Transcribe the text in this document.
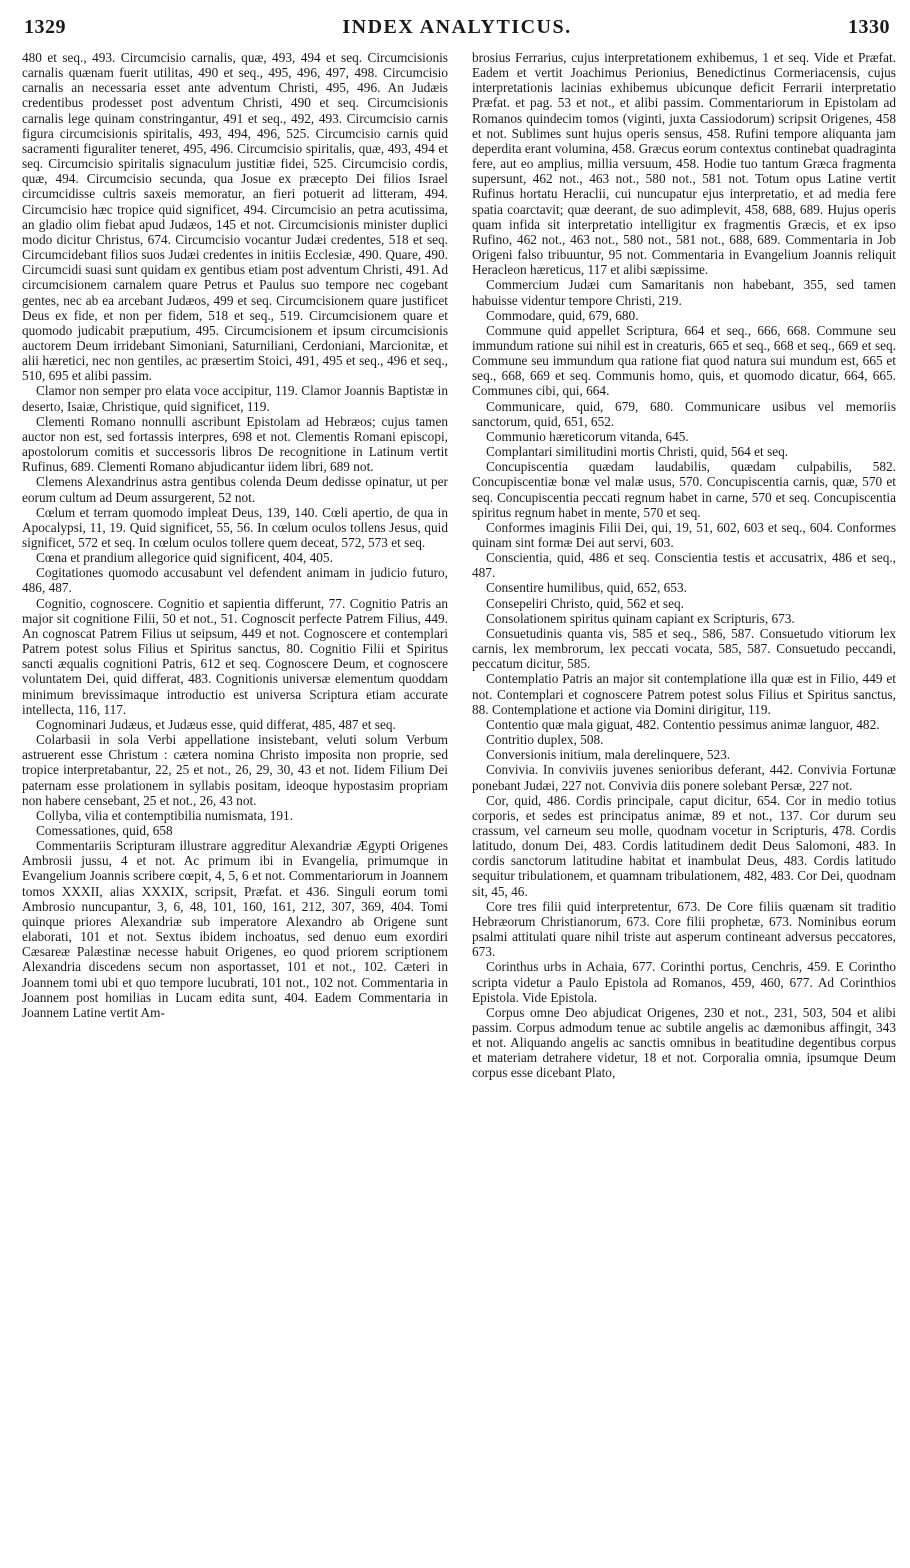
1329	INDEX ANALYTICUS.	1330

480 et seq., 493. Circumcisio carnalis, quæ, 493, 494 et seq. Circumcisionis carnalis quænam fuerit utilitas, 490 et seq., 495, 496, 497, 498. Circumcisio carnalis an necessaria esset ante adventum Christi, 495, 496. An Judæis credentibus prodesset post adventum Christi, 490 et seq. Circumcisionis carnalis lege quinam constringantur, 491 et seq., 492, 493. Circumcisio carnis figura circumcisionis spiritalis, 493, 494, 496, 525. Circumcisio carnis quid sacramenti figuraliter teneret, 495, 496. Circumcisio spiritalis, quæ, 493, 494 et seq. Circumcisio spiritalis signaculum justitiæ fidei, 525. Circumcisio cordis, quæ, 494. Circumcisio secunda, qua Josue ex præcepto Dei filios Israel circumcidisse cultris saxeis memoratur, an fieri potuerit ad litteram, 494. Circumcisio hæc tropice quid significet, 494. Circumcisio an petra acutissima, an gladio olim fiebat apud Judæos, 145 et not. Circumcisionis minister duplici modo dicitur Christus, 674. Circumcisio vocantur Judæi credentes, 518 et seq. Circumcidebant filios suos Judæi credentes in initiis Ecclesiæ, 490. Quare, 490. Circumcidi suasi sunt quidam ex gentibus etiam post adventum Christi, 491. Ad circumcisionem carnalem quare Petrus et Paulus suo tempore nec cogebant gentes, nec ab ea arcebant Judæos, 499 et seq. Circumcisionem quare justificet Deus ex fide, et non per fidem, 518 et seq., 519. Circumcisionem quare et quomodo judicabit præputium, 495. Circumcisionem et ipsum circumcisionis auctorem Deum irridebant Simoniani, Saturniliani, Cerdoniani, Marcionitæ, et alii hæretici, nec non gentiles, ac præsertim Stoici, 491, 495 et seq., 496 et seq., 510, 695 et alibi passim.

Clamor non semper pro elata voce accipitur, 119. Clamor Joannis Baptistæ in deserto, Isaiæ, Christique, quid significet, 119.

Clementi Romano nonnulli ascribunt Epistolam ad Hebræos; cujus tamen auctor non est, sed fortassis interpres, 698 et not. Clementis Romani episcopi, apostolorum comitis et successoris libros De recognitione in Latinum vertit Rufinus, 689. Clementi Romano abjudicantur iidem libri, 689 not.

Clemens Alexandrinus astra gentibus colenda Deum dedisse opinatur, ut per eorum cultum ad Deum assurgerent, 52 not.

Cœlum et terram quomodo impleat Deus, 139, 140. Cœli apertio, de qua in Apocalypsi, 11, 19. Quid significet, 55, 56. In cœlum oculos tollens Jesus, quid significet, 572 et seq. In cœlum oculos tollere quem deceat, 572, 573 et seq.

Cœna et prandium allegorice quid significent, 404, 405.

Cogitationes quomodo accusabunt vel defendent animam in judicio futuro, 486, 487.

Cognitio, cognoscere. Cognitio et sapientia differunt, 77. Cognitio Patris an major sit cognitione Filii, 50 et not., 51. Cognoscit perfecte Patrem Filius, 449. An cognoscat Patrem Filius ut seipsum, 449 et not. Cognoscere et contemplari Patrem potest solus Filius et Spiritus sanctus, 80. Cognitio Filii et Spiritus sancti æqualis cognitioni Patris, 612 et seq. Cognoscere Deum, et cognoscere voluntatem Dei, quid differat, 483. Cognitionis universæ elementum quoddam minimum brevissimaque introductio est universa Scriptura etiam accurate intellecta, 116, 117.

Cognominari Judæus, et Judæus esse, quid differat, 485, 487 et seq.

Colarbasii in sola Verbi appellatione insistebant, veluti solum Verbum astruerent esse Christum : cætera nomina Christo imposita non proprie, sed tropice interpretabantur, 22, 25 et not., 26, 29, 30, 43 et not. Iidem Filium Dei paternam esse prolationem in syllabis positam, ideoque hypostasim propriam non habere censebant, 25 et not., 26, 43 not.

Collyba, vilia et contemptibilia numismata, 191.

Comessationes, quid, 658

Commentariis Scripturam illustrare aggreditur Alexandriæ Ægypti Origenes Ambrosii jussu, 4 et not. Ac primum ibi in Evangelia, primumque in Evangelium Joannis scribere cœpit, 4, 5, 6 et not. Commentariorum in Joannem tomos XXXII, alias XXXIX, scripsit, Præfat. et 436. Singuli eorum tomi Ambrosio nuncupantur, 3, 6, 48, 101, 160, 161, 212, 307, 369, 404. Tomi quinque priores Alexandriæ sub imperatore Alexandro ab Origene sunt elaborati, 101 et not. Sextus ibidem inchoatus, sed denuo eum exordiri Cæsareæ Palæstinæ necesse habuit Origenes, eo quod priorem scriptionem Alexandria discedens secum non asportasset, 101 et not., 102. Cæteri in Joannem tomi ubi et quo tempore lucubrati, 101 not., 102 not. Commentaria in Joannem post homilias in Lucam edita sunt, 404. Eadem Commentaria in Joannem Latine vertit Am-

brosius Ferrarius, cujus interpretationem exhibemus, 1 et seq. Vide et Præfat. Eadem et vertit Joachimus Perionius, Benedictinus Cormeriacensis, cujus interpretationis lacinias exhibemus ubicunque deficit Ferrarii interpretatio Præfat. et pag. 53 et not., et alibi passim. Commentariorum in Epistolam ad Romanos quindecim tomos (viginti, juxta Cassiodorum) scripsit Origenes, 458 et not. Sublimes sunt hujus operis sensus, 458. Rufini tempore aliquanta jam deperdita erant volumina, 458. Græcus eorum contextus continebat quadraginta fere, aut eo amplius, millia versuum, 458. Hodie tuo tantum Græca fragmenta supersunt, 462 not., 463 not., 580 not., 581 not. Totum opus Latine vertit Rufinus hortatu Heraclii, cui nuncupatur ejus interpretatio, et ad media fere spatia coarctavit; quæ deerant, de suo adimplevit, 458, 688, 689. Hujus operis quam infida sit interpretatio intelligitur ex fragmentis Græcis, et ex ipso Rufino, 462 not., 463 not., 580 not., 581 not., 688, 689. Commentaria in Job Origeni falso tribuuntur, 95 not. Commentaria in Evangelium Joannis reliquit Heracleon hæreticus, 117 et alibi sæpissime.

Commercium Judæi cum Samaritanis non habebant, 355, sed tamen habuisse videntur tempore Christi, 219.

Commodare, quid, 679, 680.

Commune quid appellet Scriptura, 664 et seq., 666, 668. Commune seu immundum ratione sui nihil est in creaturis, 665 et seq., 668 et seq., 669 et seq. Commune seu immundum qua ratione fiat quod natura sui mundum est, 665 et seq., 668, 669 et seq. Communis homo, quis, et quomodo dicatur, 664, 665. Communes cibi, qui, 664.

Communicare, quid, 679, 680. Communicare usibus vel memoriis sanctorum, quid, 651, 652.

Communio hæreticorum vitanda, 645.

Complantari similitudini mortis Christi, quid, 564 et seq.

Concupiscentia quædam laudabilis, quædam culpabilis, 582. Concupiscentiæ bonæ vel malæ usus, 570. Concupiscentia carnis, quæ, 570 et seq. Concupiscentia peccati regnum habet in carne, 570 et seq. Concupiscentia spiritus regnum habet in mente, 570 et seq.

Conformes imaginis Filii Dei, qui, 19, 51, 602, 603 et seq., 604. Conformes quinam sint formæ Dei aut servi, 603.

Conscientia, quid, 486 et seq. Conscientia testis et accusatrix, 486 et seq., 487.

Consentire humilibus, quid, 652, 653.

Consepeliri Christo, quid, 562 et seq.

Consolationem spiritus quinam capiant ex Scripturis, 673.

Consuetudinis quanta vis, 585 et seq., 586, 587. Consuetudo vitiorum lex carnis, lex membrorum, lex peccati vocata, 585, 587. Consuetudo peccandi, peccatum dicitur, 585.

Contemplatio Patris an major sit contemplatione illa quæ est in Filio, 449 et not. Contemplari et cognoscere Patrem potest solus Filius et Spiritus sanctus, 88. Contemplatione et actione via Domini dirigitur, 119.

Contentio quæ mala giguat, 482. Contentio pessimus animæ languor, 482.

Contritio duplex, 508.

Conversionis initium, mala derelinquere, 523.

Convivia. In conviviis juvenes senioribus deferant, 442. Convivia Fortunæ ponebant Judæi, 227 not. Convivia diis ponere solebant Persæ, 227 not.

Cor, quid, 486. Cordis principale, caput dicitur, 654. Cor in medio totius corporis, et sedes est principatus animæ, 89 et not., 137. Cor durum seu crassum, vel carneum seu molle, quodnam vocetur in Scripturis, 478. Cordis latitudo, donum Dei, 483. Cordis latitudinem dedit Deus Salomoni, 483. In cordis sanctorum latitudine habitat et inambulat Deus, 483. Cordis latitudo sequitur tribulationem, et quamnam tribulationem, 482, 483. Cor Dei, quodnam sit, 45, 46.

Core tres filii quid interpretentur, 673. De Core filiis quænam sit traditio Hebræorum Christianorum, 673. Core filii prophetæ, 673. Nominibus eorum psalmi attitulati quare nihil triste aut asperum contineant adversus peccatores, 673.

Corinthus urbs in Achaia, 677. Corinthi portus, Cenchris, 459. E Corintho scripta videtur a Paulo Epistola ad Romanos, 459, 460, 677. Ad Corinthios Epistola. Vide Epistola.

Corpus omne Deo abjudicat Origenes, 230 et not., 231, 503, 504 et alibi passim. Corpus admodum tenue ac subtile angelis ac dæmonibus affingit, 343 et not. Aliquando angelis ac sanctis omnibus in beatitudine degentibus corpus et materiam detrahere videtur, 18 et not. Corporalia omnia, ipsumque Deum corpus esse dicebant Plato,
